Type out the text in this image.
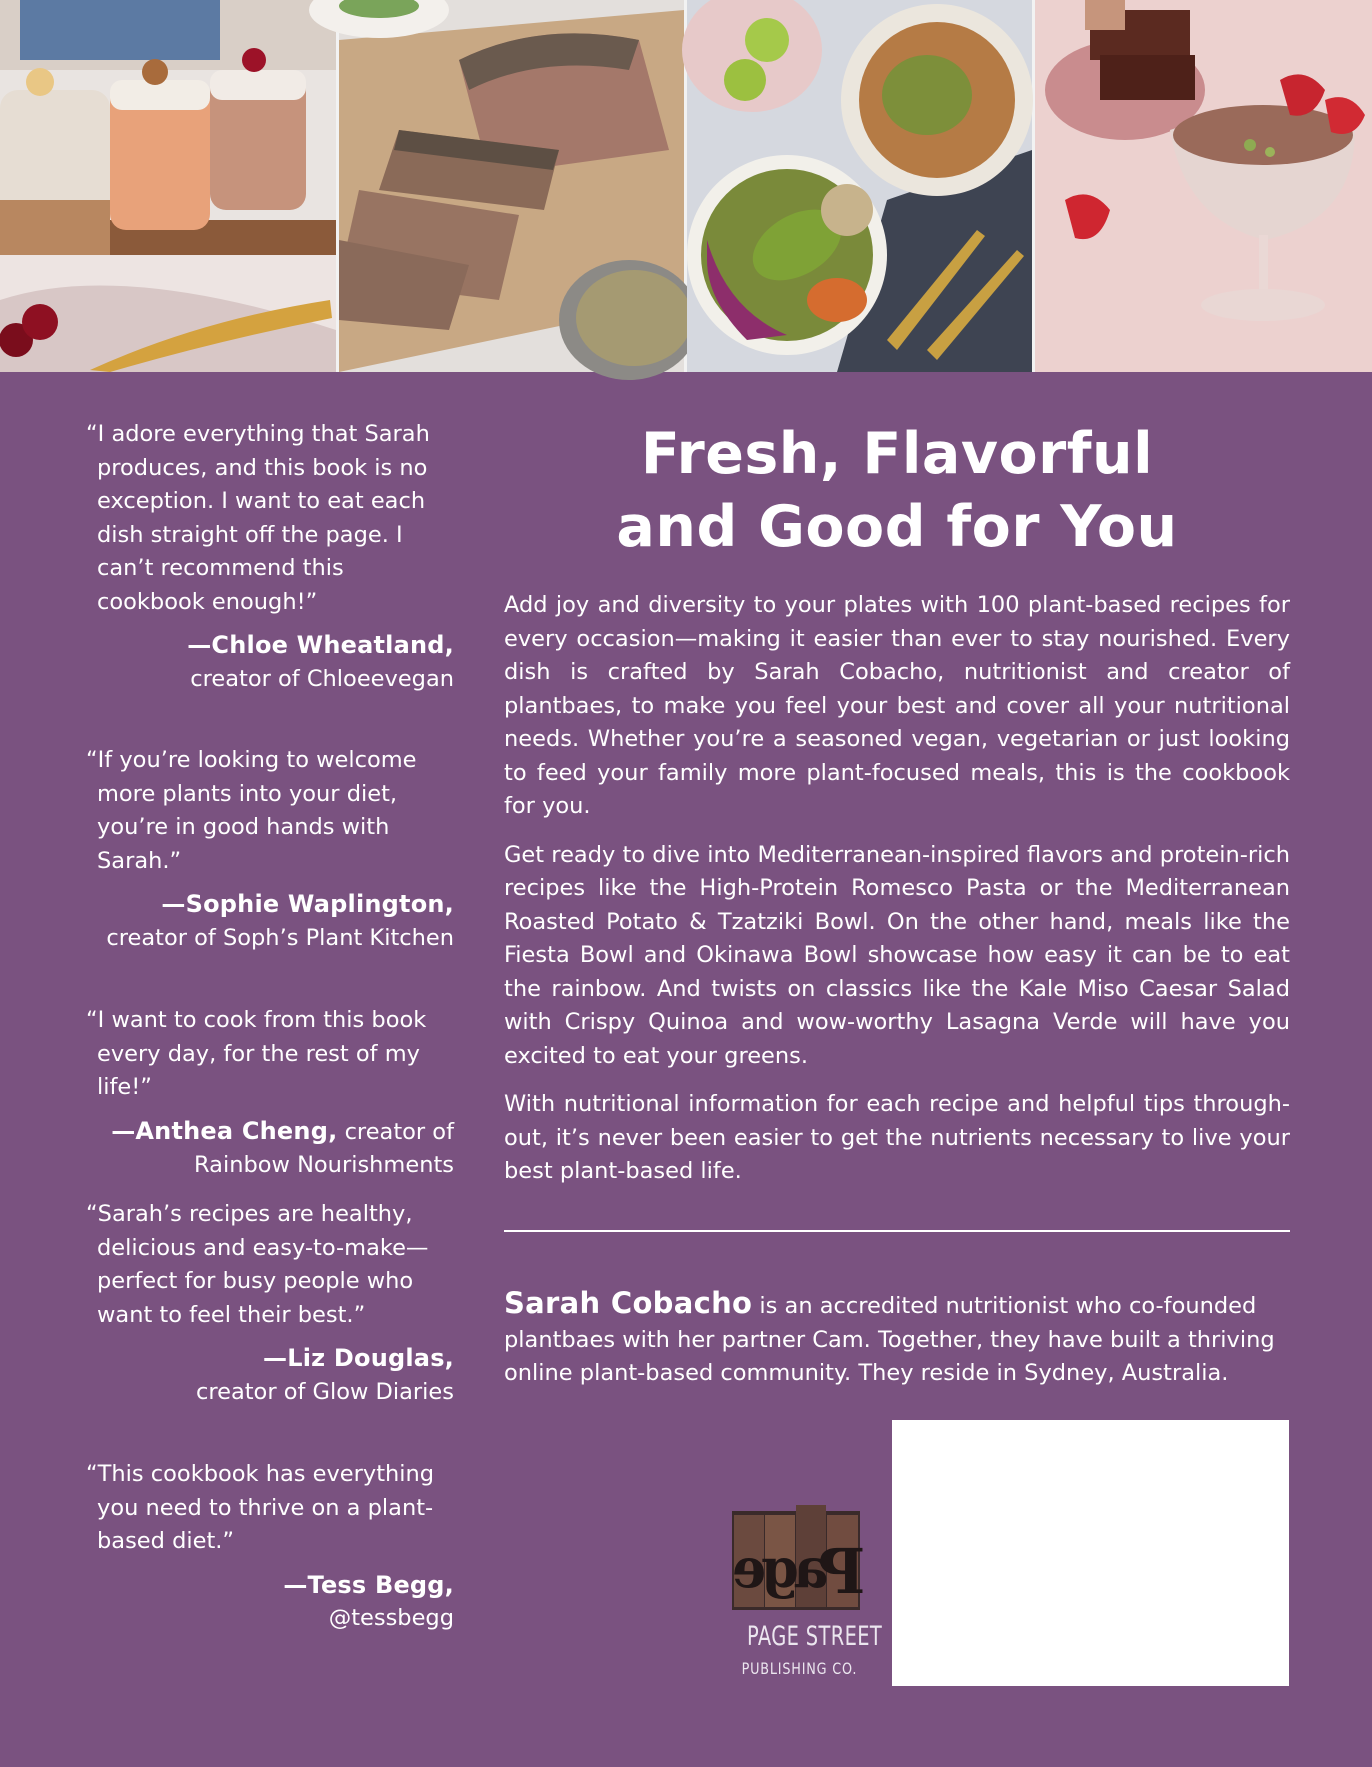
“I adore everything that Sarah produces, and this book is no exception. I want to eat each dish straight off the page. I can’t recommend this cookbook enough!”
—Chloe Wheatland,
creator of Chloeevegan
“If you’re looking to welcome more plants into your diet, you’re in good hands with Sarah.”
—Sophie Waplington,
creator of Soph’s Plant Kitchen
“I want to cook from this book every day, for the rest of my life!”
—Anthea Cheng, creator of Rainbow Nourishments
“Sarah’s recipes are healthy, delicious and easy-to-make— perfect for busy people who want to feel their best.”
—Liz Douglas,
creator of Glow Diaries
“This cookbook has everything you need to thrive on a plant-based diet.”
—Tess Begg,
@tessbegg
Fresh, Flavorful
and Good for You

Add joy and diversity to your plates with 100 plant-based recipes for every occasion—making it easier than ever to stay nourished. Every dish is crafted by Sarah Cobacho, nutritionist and creator of plantbaes, to make you feel your best and cover all your nutritional needs. Whether you’re a seasoned vegan, vegetarian or just looking to feed your family more plant-focused meals, this is the cookbook for you.

Get ready to dive into Mediterranean-inspired flavors and protein-rich recipes like the High-Protein Romesco Pasta or the Mediterranean Roasted Potato & Tzatziki Bowl. On the other hand, meals like the Fiesta Bowl and Okinawa Bowl showcase how easy it can be to eat the rainbow. And twists on classics like the Kale Miso Caesar Salad with Crispy Quinoa and wow-worthy Lasagna Verde will have you excited to eat your greens.

With nutritional information for each recipe and helpful tips through-out, it’s never been easier to get the nutrients necessary to live your best plant-based life.

Sarah Cobacho is an accredited nutritionist who co-founded plantbaes with her partner Cam. Together, they have built a thriving online plant-based community. They reside in Sydney, Australia.
e
g
a
P
PAGE STREET
PUBLISHING CO.
